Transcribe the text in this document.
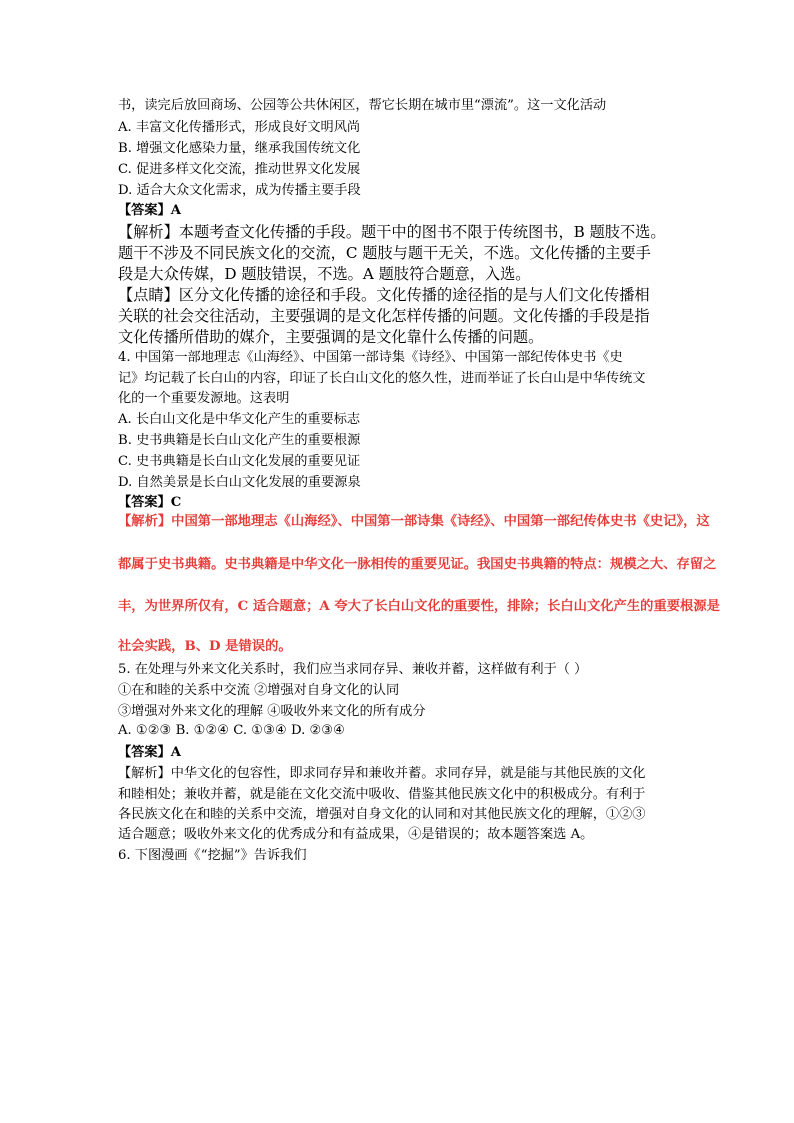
书，读完后放回商场、公园等公共休闲区，帮它长期在城市里“漂流”。这一文化活动
A. 丰富文化传播形式，形成良好文明风尚
B. 增强文化感染力量，继承我国传统文化
C. 促进多样文化交流，推动世界文化发展
D. 适合大众文化需求，成为传播主要手段
【答案】A
【解析】本题考查文化传播的手段。题干中的图书不限于传统图书，B 题肢不选。
题干不涉及不同民族文化的交流，C 题肢与题干无关，不选。文化传播的主要手
段是大众传媒，D 题肢错误，不选。A 题肢符合题意，入选。
【点睛】区分文化传播的途径和手段。文化传播的途径指的是与人们文化传播相
关联的社会交往活动，主要强调的是文化怎样传播的问题。文化传播的手段是指
文化传播所借助的媒介，主要强调的是文化靠什么传播的问题。
4. 中国第一部地理志《山海经》、中国第一部诗集《诗经》、中国第一部纪传体史书《史
记》均记载了长白山的内容，印证了长白山文化的悠久性，进而举证了长白山是中华传统文
化的一个重要发源地。这表明
A. 长白山文化是中华文化产生的重要标志
B. 史书典籍是长白山文化产生的重要根源
C. 史书典籍是长白山文化发展的重要见证
D. 自然美景是长白山文化发展的重要源泉
【答案】C
【解析】中国第一部地理志《山海经》、中国第一部诗集《诗经》、中国第一部纪传体史书《史记》，这
都属于史书典籍。史书典籍是中华文化一脉相传的重要见证。我国史书典籍的特点：规模之大、存留之
丰，为世界所仅有，C 适合题意；A 夸大了长白山文化的重要性，排除；长白山文化产生的重要根源是
社会实践，B、D 是错误的。
5. 在处理与外来文化关系时，我们应当求同存异、兼收并蓄，这样做有利于（ ）
①在和睦的关系中交流 ②增强对自身文化的认同
③增强对外来文化的理解 ④吸收外来文化的所有成分
A. ①②③ B. ①②④ C. ①③④ D. ②③④
【答案】A
【解析】中华文化的包容性，即求同存异和兼收并蓄。求同存异，就是能与其他民族的文化
和睦相处；兼收并蓄，就是能在文化交流中吸收、借鉴其他民族文化中的积极成分。有利于
各民族文化在和睦的关系中交流，增强对自身文化的认同和对其他民族文化的理解，①②③
适合题意；吸收外来文化的优秀成分和有益成果，④是错误的；故本题答案选 A。
6. 下图漫画《“挖掘”》告诉我们
